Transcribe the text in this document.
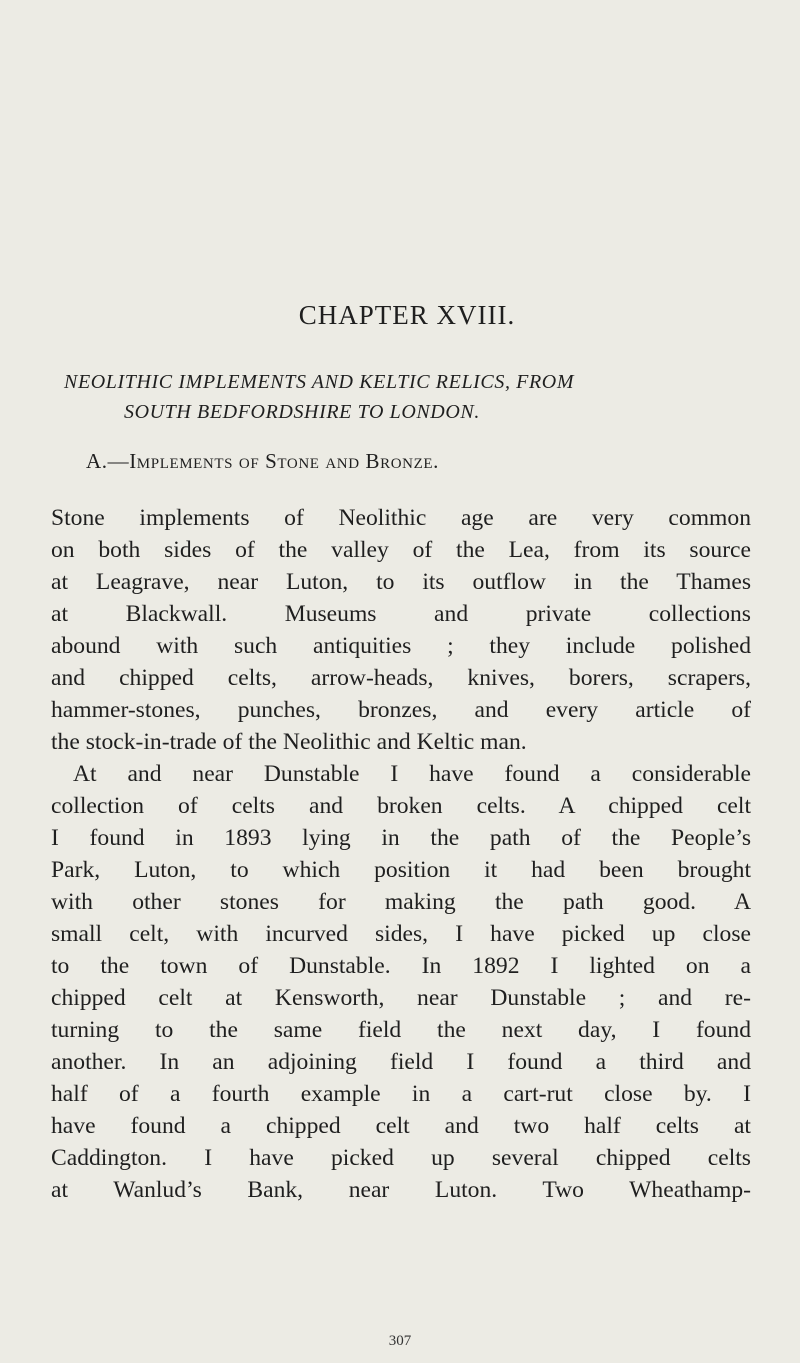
CHAPTER XVIII.
NEOLITHIC IMPLEMENTS AND KELTIC RELICS, FROM
SOUTH BEDFORDSHIRE TO LONDON.
A.—Implements of Stone and Bronze.

Stone implements of Neolithic age are very common
on both sides of the valley of the Lea, from its source
at Leagrave, near Luton, to its outflow in the Thames
at Blackwall. Museums and private collections
abound with such antiquities ; they include polished
and chipped celts, arrow-heads, knives, borers, scrapers,
hammer-stones, punches, bronzes, and every article of
the stock-in-trade of the Neolithic and Keltic man.

At and near Dunstable I have found a considerable
collection of celts and broken celts. A chipped celt
I found in 1893 lying in the path of the People’s
Park, Luton, to which position it had been brought
with other stones for making the path good. A
small celt, with incurved sides, I have picked up close
to the town of Dunstable. In 1892 I lighted on a
chipped celt at Kensworth, near Dunstable ; and re-
turning to the same field the next day, I found
another. In an adjoining field I found a third and
half of a fourth example in a cart-rut close by. I
have found a chipped celt and two half celts at
Caddington. I have picked up several chipped celts
at Wanlud’s Bank, near Luton. Two Wheathamp-

307
